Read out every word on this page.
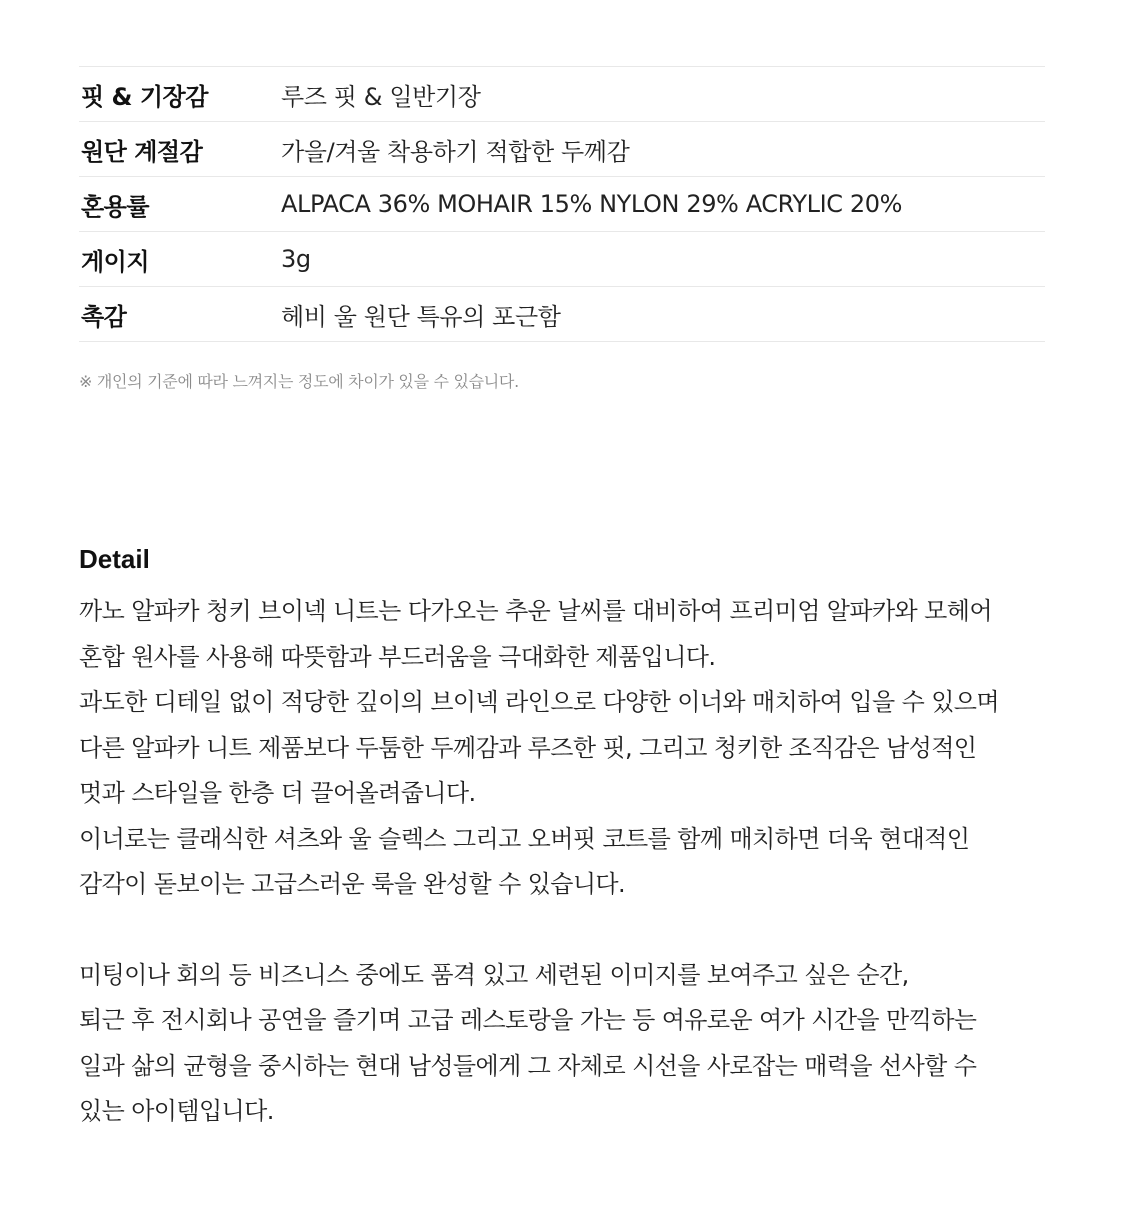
핏 & 기장감	루즈 핏 & 일반기장
원단 계절감	가을/겨울 착용하기 적합한 두께감
혼용률	ALPACA 36% MOHAIR 15% NYLON 29% ACRYLIC 20%
게이지	3g
촉감	헤비 울 원단 특유의 포근함
※ 개인의 기준에 따라 느껴지는 정도에 차이가 있을 수 있습니다.
Detail
까노 알파카 청키 브이넥 니트는 다가오는 추운 날씨를 대비하여 프리미엄 알파카와 모헤어
혼합 원사를 사용해 따뜻함과 부드러움을 극대화한 제품입니다.
과도한 디테일 없이 적당한 깊이의 브이넥 라인으로 다양한 이너와 매치하여 입을 수 있으며
다른 알파카 니트 제품보다 두툼한 두께감과 루즈한 핏, 그리고 청키한 조직감은 남성적인
멋과 스타일을 한층 더 끌어올려줍니다.
이너로는 클래식한 셔츠와 울 슬렉스 그리고 오버핏 코트를 함께 매치하면 더욱 현대적인
감각이 돋보이는 고급스러운 룩을 완성할 수 있습니다.
미팅이나 회의 등 비즈니스 중에도 품격 있고 세련된 이미지를 보여주고 싶은 순간,
퇴근 후 전시회나 공연을 즐기며 고급 레스토랑을 가는 등 여유로운 여가 시간을 만끽하는
일과 삶의 균형을 중시하는 현대 남성들에게 그 자체로 시선을 사로잡는 매력을 선사할 수
있는 아이템입니다.
